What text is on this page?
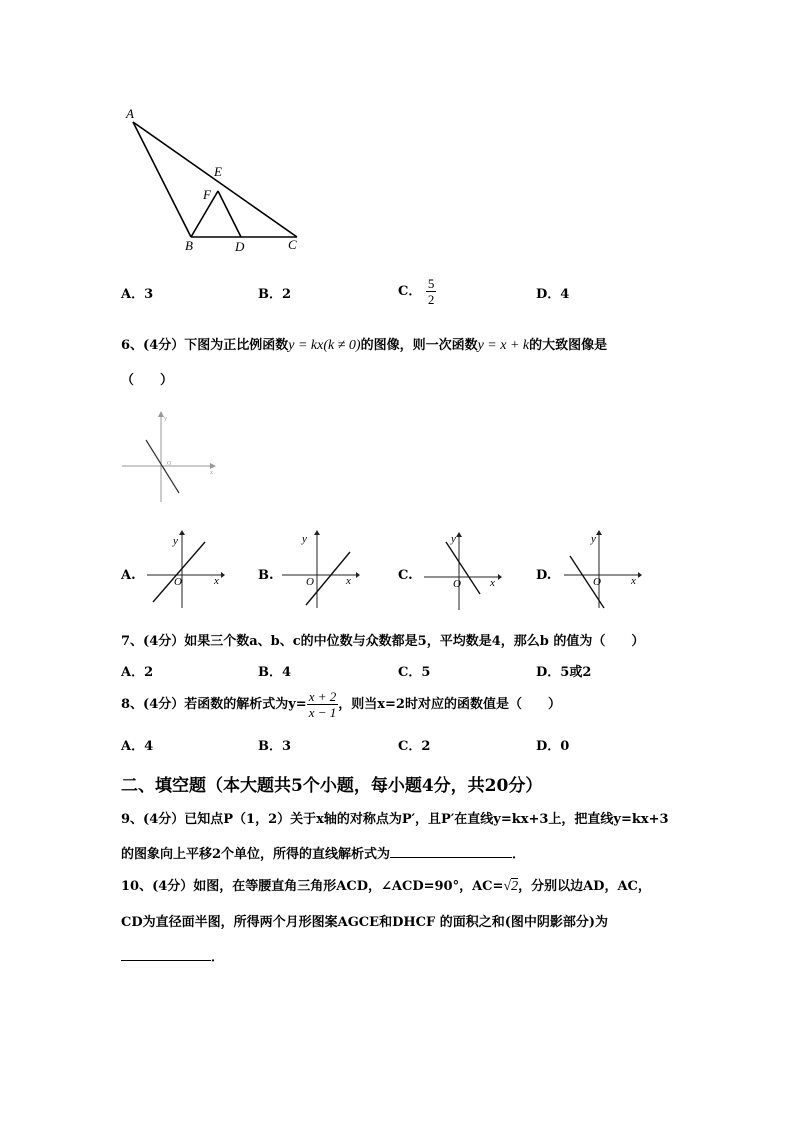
A
E
F
B	D	C
A．3	B．2	C． $\frac{5}{2}$	D．4
6、(4分）下图为正比例函数y = kx(k ≠ 0)的图像，则一次函数y = x + k的大致图像是
（　　）
O
y
x
A.
y
x
O	B.
y
x
O	C.
y
x
O
D.
y
x
O
7、(4分）如果三个数a、b、c的中位数与众数都是5，平均数是4，那么b 的值为（　　）
A．2	B．4	C．5	D．5或2
8、(4分）若函数的解析式为$y= \frac{x + 2}{x - 1}$ ，则当x=2时对应的函数值是（　　）
A．4	B．3	C．2	D．0
二、填空题（本大题共5个小题，每小题4分，共20分）
9、(4分）已知点P（1，2）关于x轴的对称点为P′，且P′在直线y=kx+3上，把直线y=kx+3
的图象向上平移2个单位，所得的直线解析式为	．
10、(4分）如图，在等腰直角三角形ACD，∠ACD=90°，AC=√2，分别以边AD，AC，
CD为直径面半图，所得两个月形图案AGCE和DHCF 的面积之和(图中阴影部分)为
．
